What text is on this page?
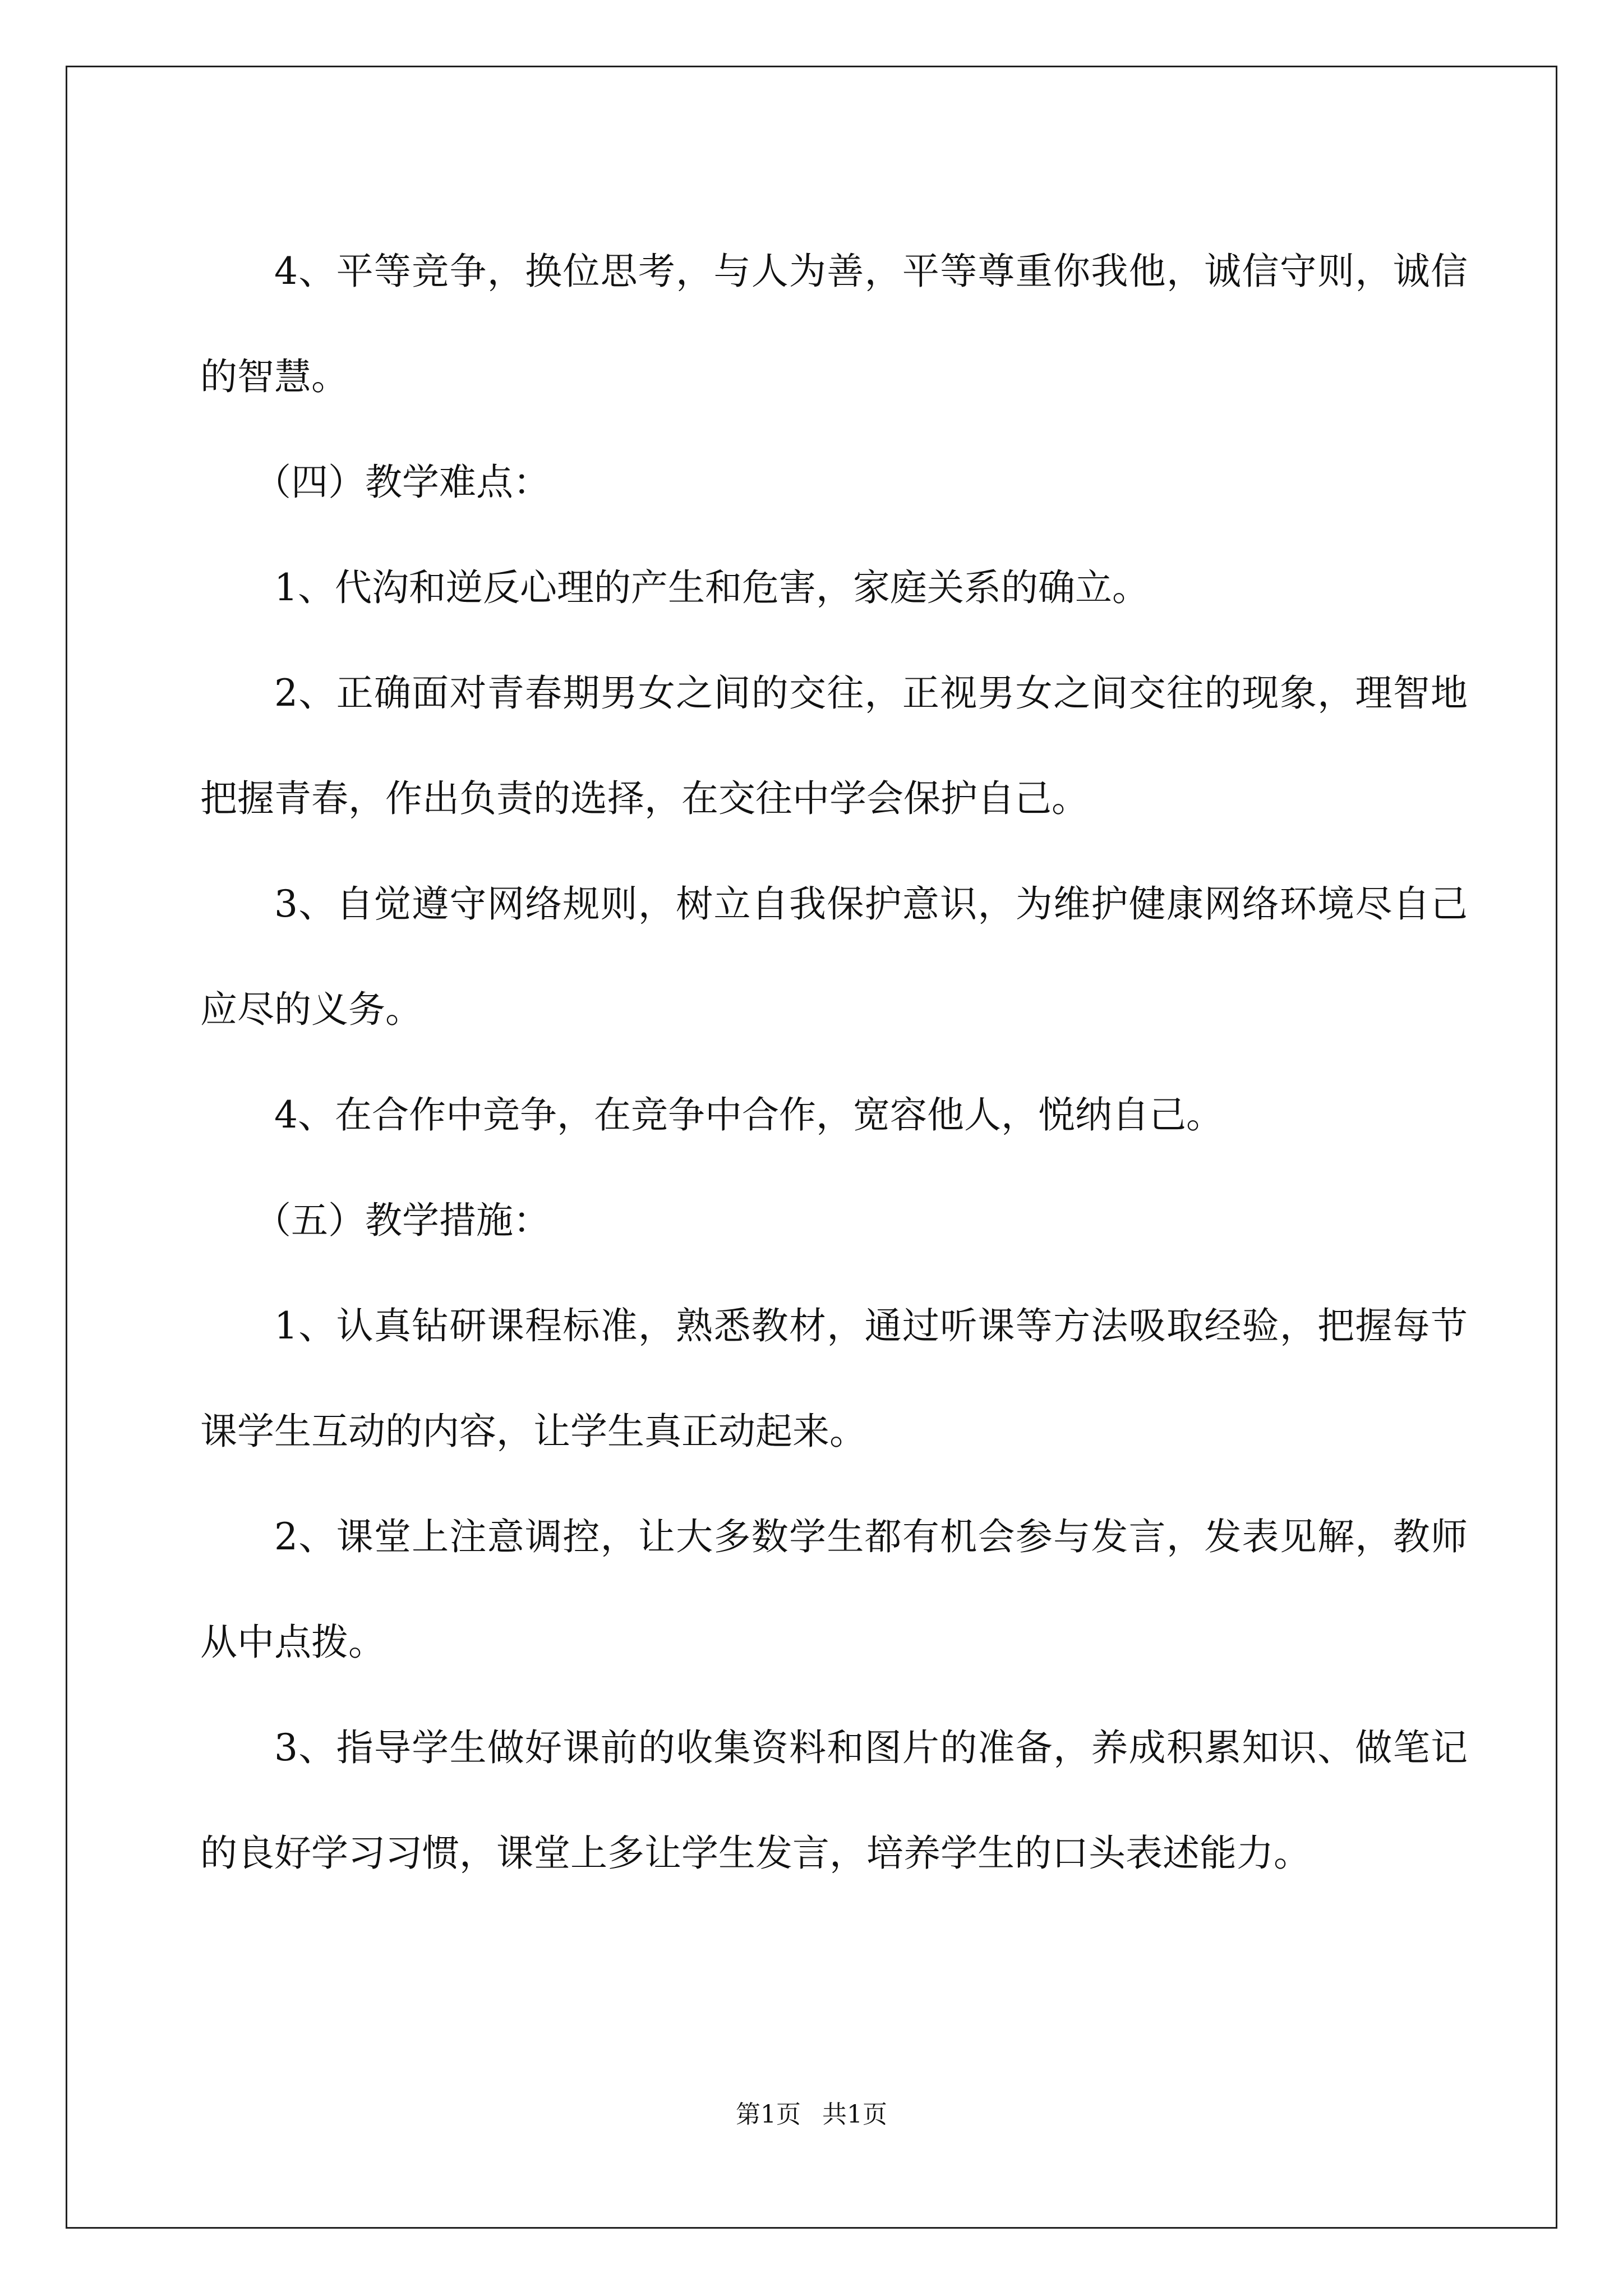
4、平等竞争，换位思考，与人为善，平等尊重你我他，诚信守则，诚信的智慧。

（四）教学难点：

1、代沟和逆反心理的产生和危害，家庭关系的确立。

2、正确面对青春期男女之间的交往，正视男女之间交往的现象，理智地把握青春，作出负责的选择，在交往中学会保护自己。

3、自觉遵守网络规则，树立自我保护意识，为维护健康网络环境尽自己应尽的义务。

4、在合作中竞争，在竞争中合作，宽容他人，悦纳自己。

（五）教学措施：

1、认真钻研课程标准，熟悉教材，通过听课等方法吸取经验，把握每节课学生互动的内容，让学生真正动起来。

2、课堂上注意调控，让大多数学生都有机会参与发言，发表见解，教师从中点拨。

3、指导学生做好课前的收集资料和图片的准备，养成积累知识、做笔记的良好学习习惯，课堂上多让学生发言，培养学生的口头表述能力。

第1页 共1页
